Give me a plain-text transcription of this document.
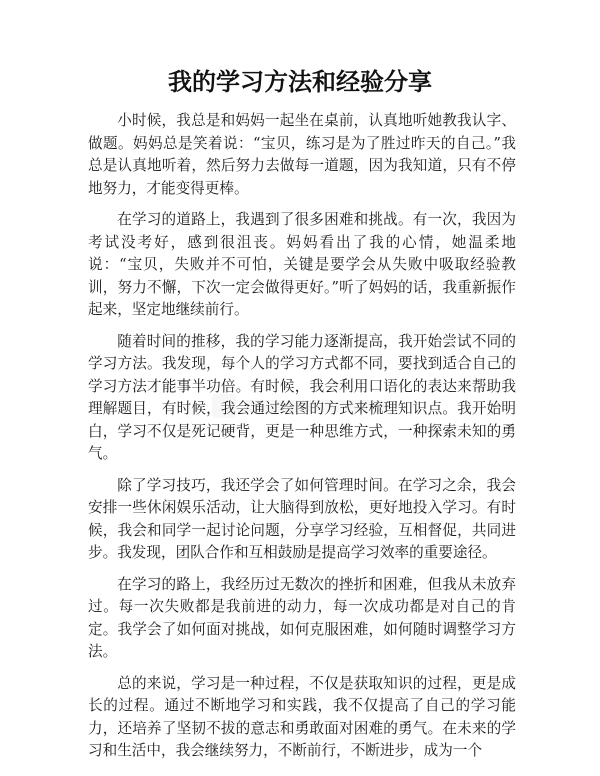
我的学习方法和经验分享

小时候，我总是和妈妈一起坐在桌前，认真地听她教我认字、做题。妈妈总是笑着说：“宝贝，练习是为了胜过昨天的自己。”我总是认真地听着，然后努力去做每一道题，因为我知道，只有不停地努力，才能变得更棒。

在学习的道路上，我遇到了很多困难和挑战。有一次，我因为考试没考好，感到很沮丧。妈妈看出了我的心情，她温柔地说：“宝贝，失败并不可怕，关键是要学会从失败中吸取经验教训，努力不懈，下次一定会做得更好。”听了妈妈的话，我重新振作起来，坚定地继续前行。

随着时间的推移，我的学习能力逐渐提高，我开始尝试不同的学习方法。我发现，每个人的学习方式都不同，要找到适合自己的学习方法才能事半功倍。有时候，我会利用口语化的表达来帮助我理解题目，有时候，我会通过绘图的方式来梳理知识点。我开始明白，学习不仅是死记硬背，更是一种思维方式，一种探索未知的勇气。

除了学习技巧，我还学会了如何管理时间。在学习之余，我会安排一些休闲娱乐活动，让大脑得到放松，更好地投入学习。有时候，我会和同学一起讨论问题，分享学习经验，互相督促，共同进步。我发现，团队合作和互相鼓励是提高学习效率的重要途径。

在学习的路上，我经历过无数次的挫折和困难，但我从未放弃过。每一次失败都是我前进的动力，每一次成功都是对自己的肯定。我学会了如何面对挑战，如何克服困难，如何随时调整学习方法。

总的来说，学习是一种过程，不仅是获取知识的过程，更是成长的过程。通过不断地学习和实践，我不仅提高了自己的学习能力，还培养了坚韧不拔的意志和勇敢面对困难的勇气。在未来的学习和生活中，我会继续努力，不断前行，不断进步，成为一个
